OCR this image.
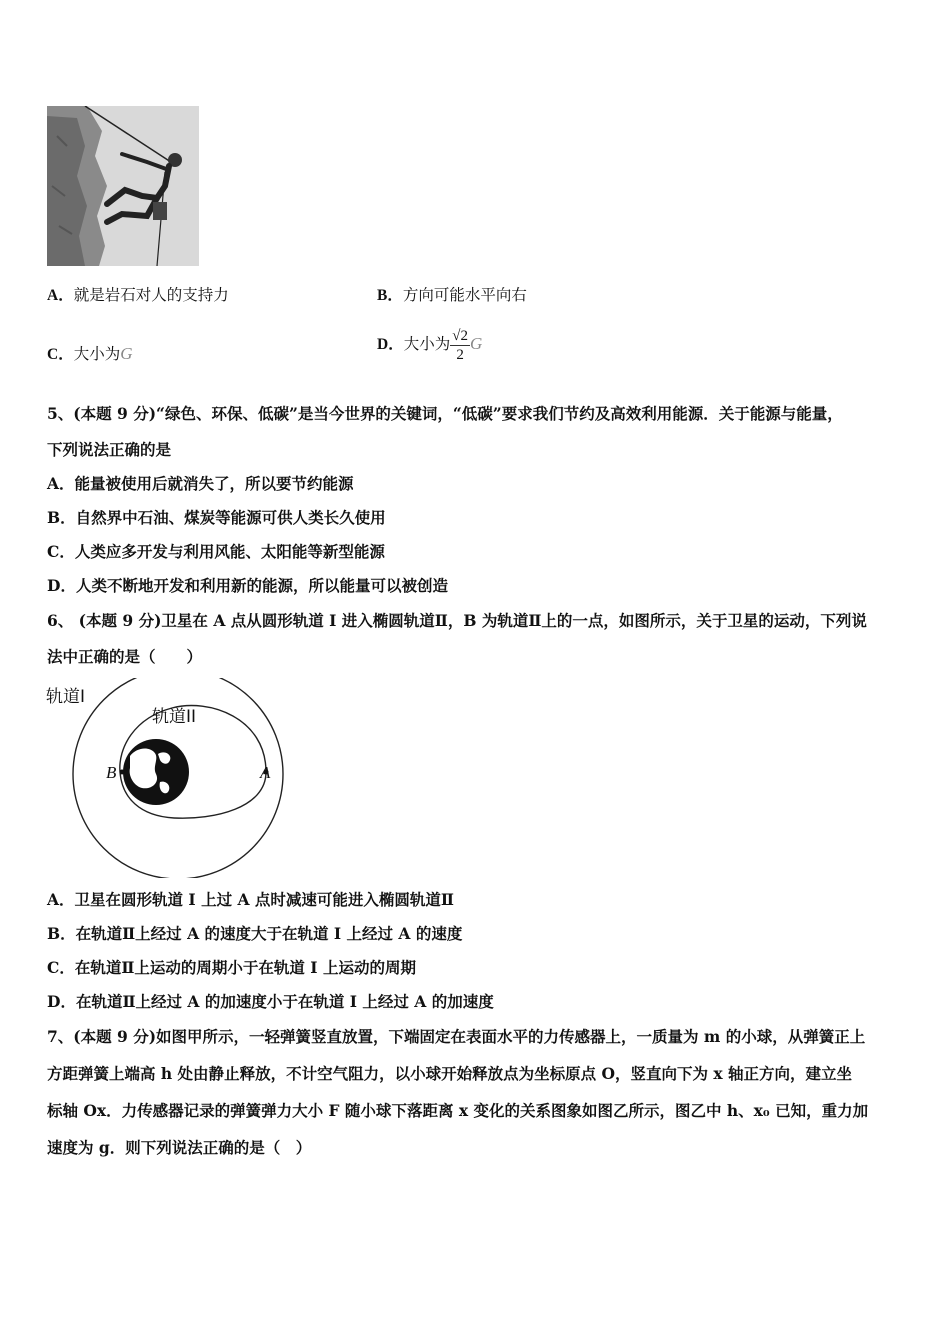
A．就是岩石对人的支持力	B．方向可能水平向右
C．大小为G	D．大小为 $\frac{√2}{2}$ G
5、(本题 9 分)“绿色、环保、低碳”是当今世界的关键词，“低碳”要求我们节约及高效利用能源．关于能源与能量，
下列说法正确的是
A．能量被使用后就消失了，所以要节约能源
B．自然界中石油、煤炭等能源可供人类长久使用
C．人类应多开发与利用风能、太阳能等新型能源
D．人类不断地开发和利用新的能源，所以能量可以被创造
6、 (本题 9 分)卫星在 A 点从圆形轨道 I 进入椭圆轨道Ⅱ，B 为轨道Ⅱ上的一点，如图所示，关于卫星的运动，下列说
法中正确的是（　　）
轨道I
轨道II
B	A
A．卫星在圆形轨道 I 上过 A 点时减速可能进入椭圆轨道Ⅱ
B．在轨道Ⅱ上经过 A 的速度大于在轨道 I 上经过 A 的速度
C．在轨道Ⅱ上运动的周期小于在轨道 I 上运动的周期
D．在轨道Ⅱ上经过 A 的加速度小于在轨道 I 上经过 A 的加速度
7、(本题 9 分)如图甲所示，一轻弹簧竖直放置，下端固定在表面水平的力传感器上，一质量为 m 的小球，从弹簧正上
方距弹簧上端高 h 处由静止释放，不计空气阻力，以小球开始释放点为坐标原点 O，竖直向下为 x 轴正方向，建立坐
标轴 Ox．力传感器记录的弹簧弹力大小 F 随小球下落距离 x 变化的关系图象如图乙所示，图乙中 h、x₀ 已知，重力加
速度为 g．则下列说法正确的是（　）
